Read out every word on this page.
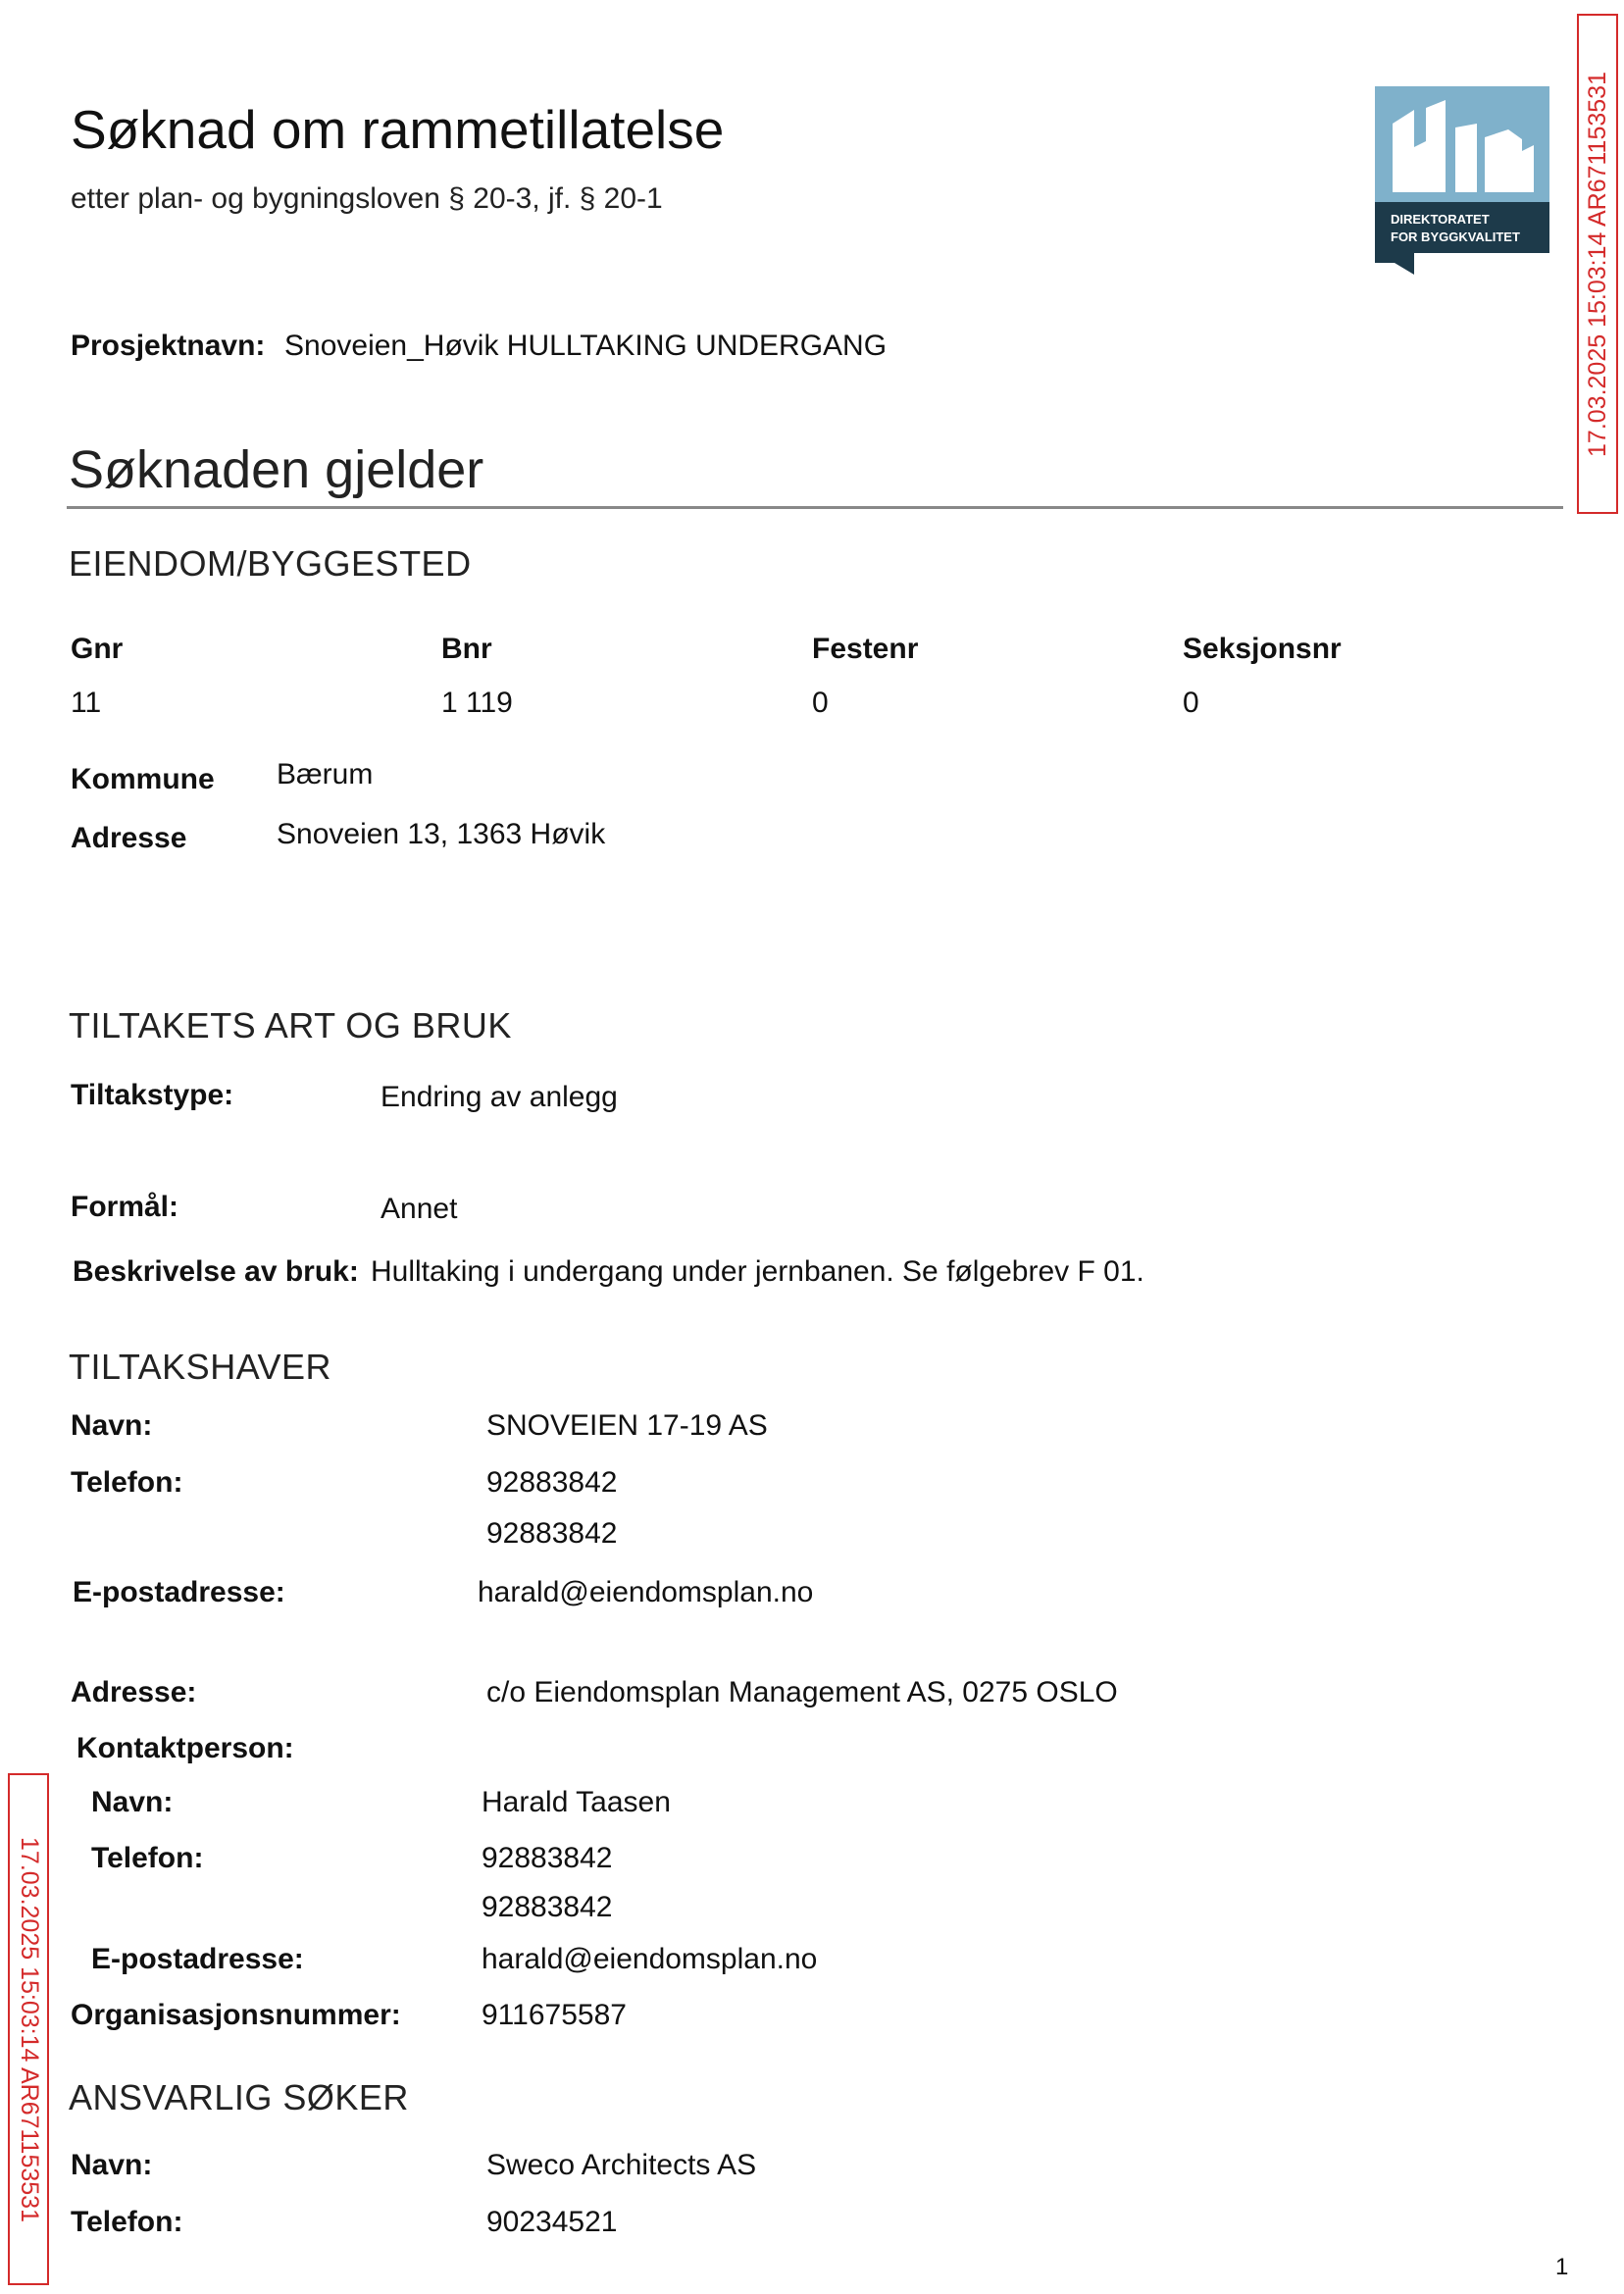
Søknad om rammetillatelse
etter plan- og bygningsloven § 20-3, jf. § 20-1
DIREKTORATET
FOR BYGGKVALITET	17.03.2025 15:03:14 AR671153531
17.03.2025 15:03:14 AR671153531
Prosjektnavn: Snoveien_Høvik HULLTAKING UNDERGANG
Søknaden gjelder
EIENDOM/BYGGESTED
Gnr	Bnr	Festenr	Seksjonsnr
11	1 119	0	0
Kommune Bærum
Adresse	Snoveien 13, 1363 Høvik
TILTAKETS ART OG BRUK
Tiltakstype:	Endring av anlegg
Formål:	Annet
Beskrivelse av bruk: Hulltaking i undergang under jernbanen. Se følgebrev F 01.
TILTAKSHAVER
Navn:	SNOVEIEN 17-19 AS
Telefon:	92883842
92883842
E-postadresse:	harald@eiendomsplan.no
Adresse:	c/o Eiendomsplan Management AS, 0275 OSLO
Kontaktperson:
Navn:	Harald Taasen
Telefon:	92883842
92883842
E-postadresse:	harald@eiendomsplan.no
Organisasjonsnummer:	911675587
ANSVARLIG SØKER
Navn:	Sweco Architects AS
Telefon:	90234521
1
